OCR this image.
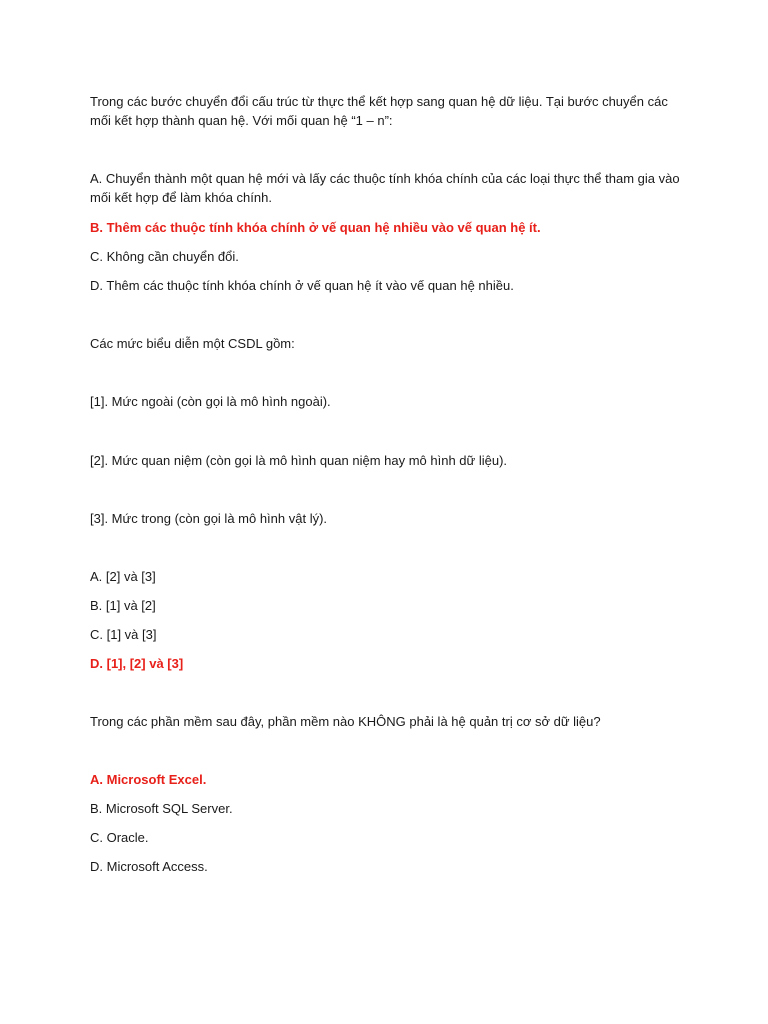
Trong các bước chuyển đổi cấu trúc từ thực thể kết hợp sang quan hệ dữ liệu. Tại bước chuyển các mối kết hợp thành quan hệ. Với mối quan hệ “1 – n”:
A. Chuyển thành một quan hệ mới và lấy các thuộc tính khóa chính của các loại thực thể tham gia vào mối kết hợp để làm khóa chính.
B. Thêm các thuộc tính khóa chính ở vế quan hệ nhiều vào vế quan hệ ít.
C. Không cần chuyển đổi.
D. Thêm các thuộc tính khóa chính ở vế quan hệ ít vào vế quan hệ nhiều.
Các mức biểu diễn một CSDL gồm:
[1]. Mức ngoài (còn gọi là mô hình ngoài).
[2]. Mức quan niệm (còn gọi là mô hình quan niệm hay mô hình dữ liệu).
[3]. Mức trong (còn gọi là mô hình vật lý).
A. [2] và [3]
B. [1] và [2]
C. [1] và [3]
D. [1], [2] và [3]
Trong các phần mềm sau đây, phần mềm nào KHÔNG phải là hệ quản trị cơ sở dữ liệu?
A. Microsoft Excel.
B. Microsoft SQL Server.
C. Oracle.
D. Microsoft Access.
